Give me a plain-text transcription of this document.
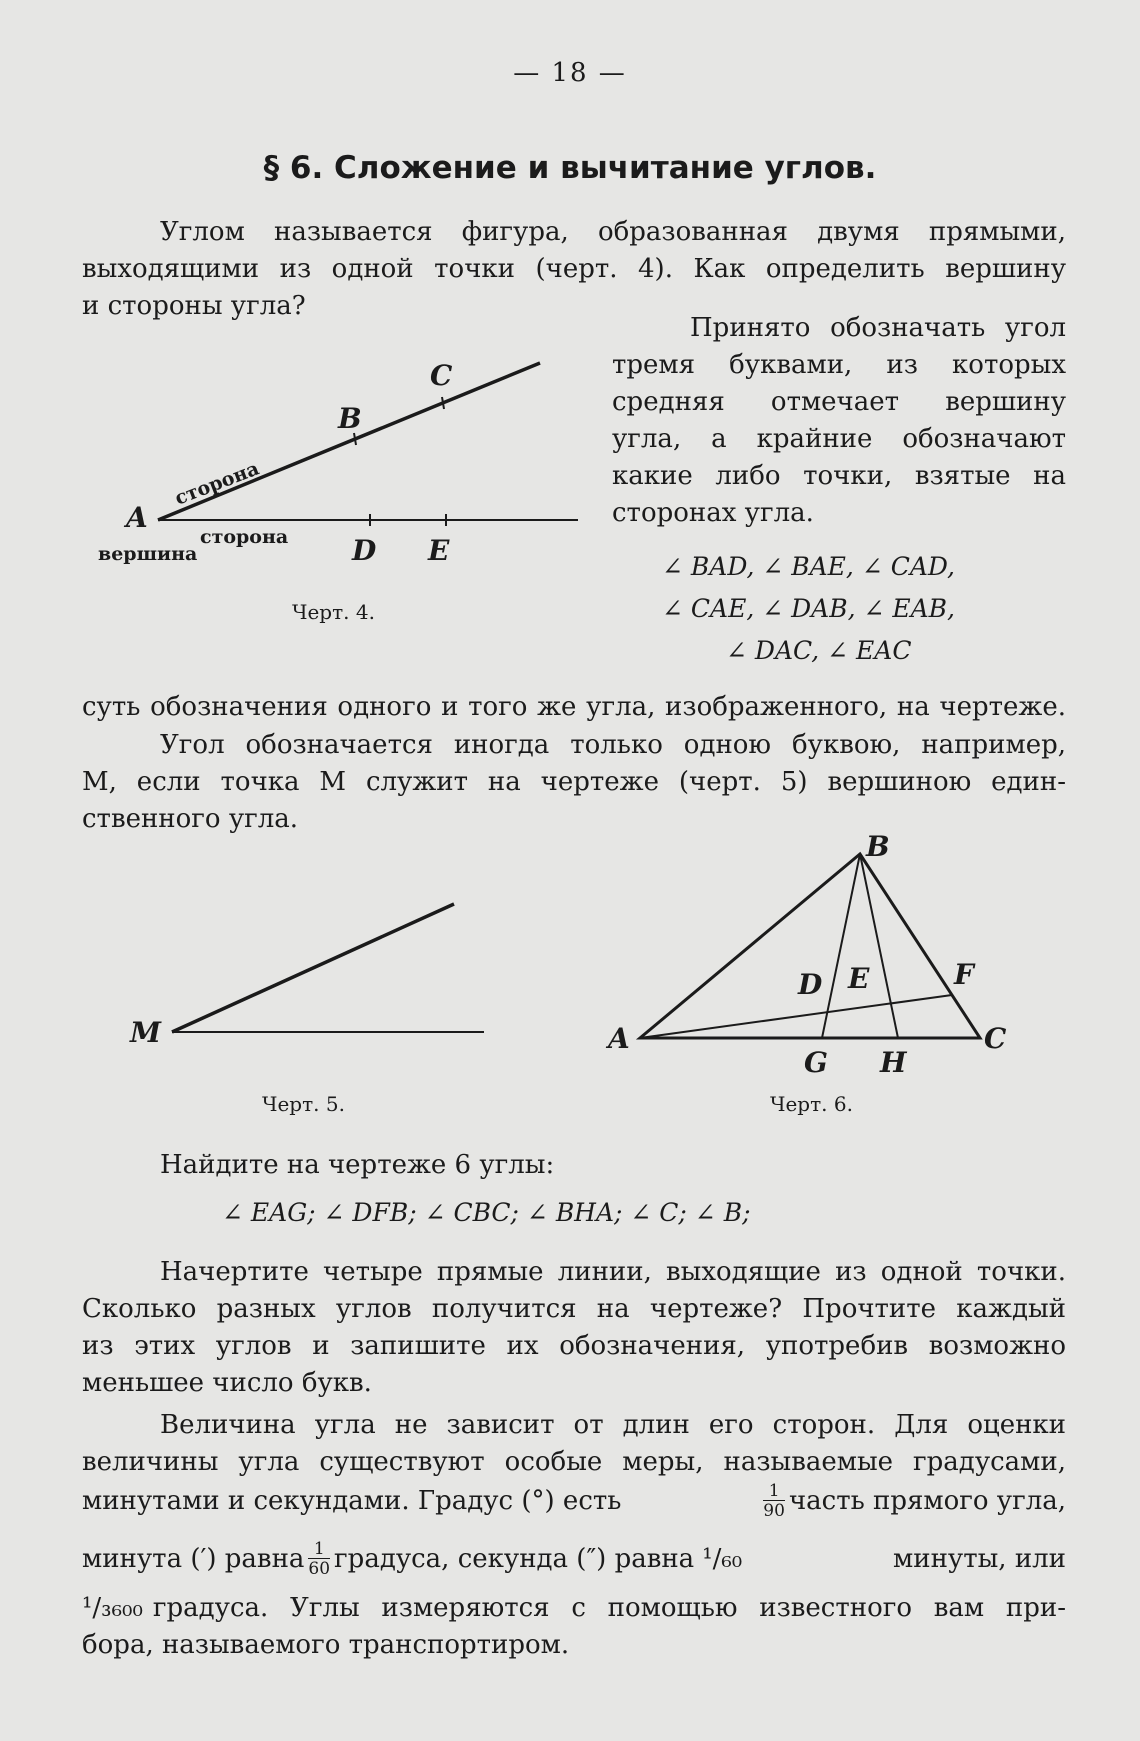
— 18 —
§ 6. Сложение и вычитание углов.
Углом называется фигура, образованная двумя прямыми,
выходящими из одной точки (черт. 4). Как определить вершину
и стороны угла?
Принято обозначать угол
тремя буквами, из которых
средняя отмечает вершину
угла, а крайние обозначают
какие либо точки, взятые на
сторонах угла.
∠ BAD, ∠ BAE, ∠ CAD,
∠ CAE, ∠ DAB, ∠ EAB,
∠ DAC, ∠ EAC
A
B
C
D E
сторона
сторона
вершина
Черт. 4.
суть обозначения одного и того же угла, изображенного, на чертеже.
Угол обозначается иногда только одною буквою, например,
M, если точка M служит на чертеже (черт. 5) вершиною един-
ственного угла.
M
Черт. 5.
B
A	C
D E	F
G H
Черт. 6.
Найдите на чертеже 6 углы:
∠ EAG; ∠ DFB; ∠ CBC; ∠ BHA; ∠ C; ∠ B;
Начертите четыре прямые линии, выходящие из одной точки.
Сколько разных углов получится на чертеже? Прочтите каждый
из этих углов и запишите их обозначения, употребив возможно
меньшее число букв.
Величина угла не зависит от длин его сторон. Для оценки
величины угла существуют особые меры, называемые градусами,
минутами и секундами. Градус (°) есть	$\frac{1}{90}$ часть прямого угла,
минута (′) равна $\frac{1}{60}$ градуса, секунда (″) равна ¹/₆₀	минуты, или
¹/₃₆₀₀ градуса. Углы измеряются с помощью известного вам при-
бора, называемого транспортиром.
